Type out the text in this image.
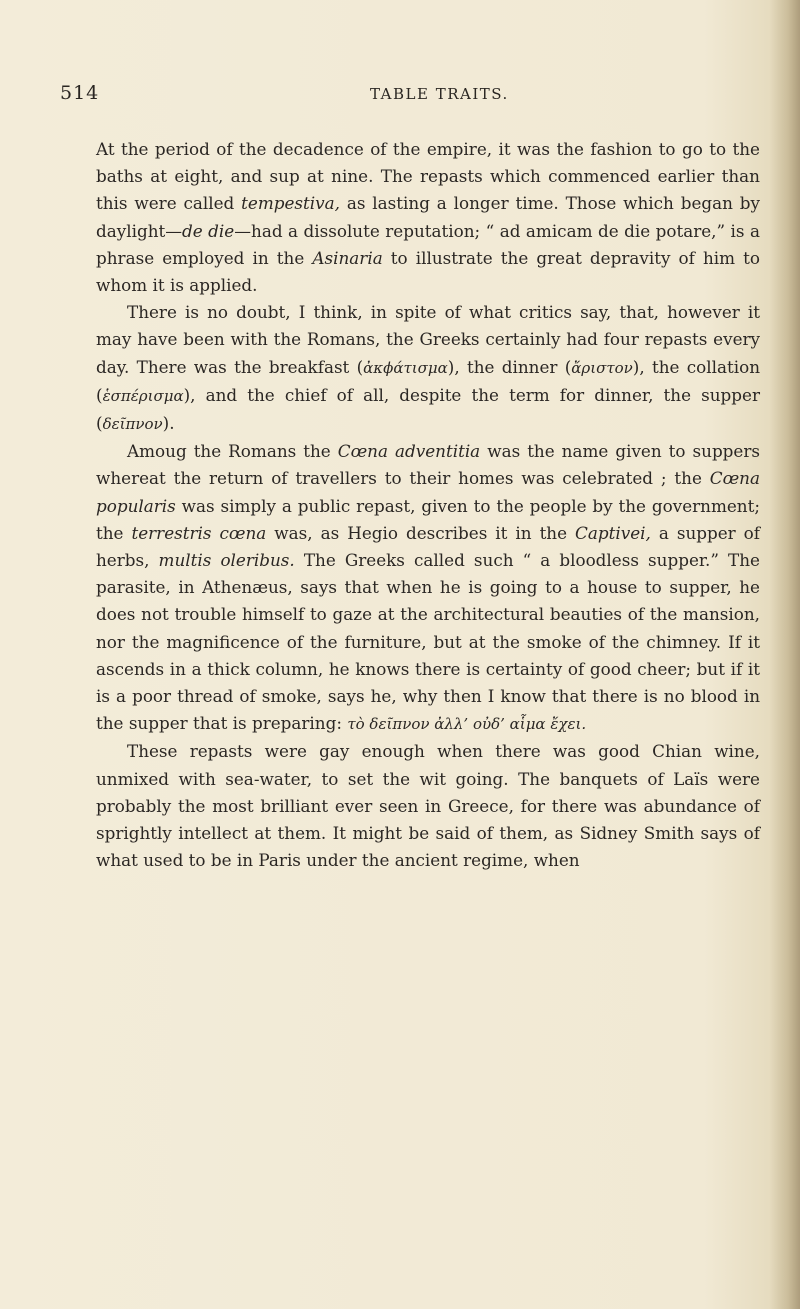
514	TABLE TRAITS.

At the period of the decadence of the empire, it was the fashion to go to the baths at eight, and sup at nine. The repasts which commenced earlier than this were called tempestiva, as lasting a longer time. Those which began by daylight—de die—had a dissolute reputation; “ ad amicam de die potare,” is a phrase employed in the Asinaria to illustrate the great depravity of him to whom it is applied.

There is no doubt, I think, in spite of what critics say, that, however it may have been with the Romans, the Greeks certainly had four repasts every day. There was the breakfast (ἀκϕάτισμα), the dinner (ἄριστον), the collation (ἑσπέρισμα), and the chief of all, despite the term for dinner, the supper (δεῖπνον).

Amoug the Romans the Cœna adventitia was the name given to suppers whereat the return of travellers to their homes was celebrated ; the Cœna popularis was simply a public repast, given to the people by the government; the terrestris cœna was, as Hegio describes it in the Captivei, a supper of herbs, multis oleribus. The Greeks called such “ a bloodless supper.” The parasite, in Athenæus, says that when he is going to a house to supper, he does not trouble himself to gaze at the architectural beauties of the mansion, nor the magnificence of the furniture, but at the smoke of the chimney. If it ascends in a thick column, he knows there is certainty of good cheer; but if it is a poor thread of smoke, says he, why then I know that there is no blood in the supper that is preparing: τὸ δεῖπνον ἀλλ’ οὐδ’ αἷμα ἔχει.

These repasts were gay enough when there was good Chian wine, unmixed with sea-water, to set the wit going. The banquets of Laïs were probably the most brilliant ever seen in Greece, for there was abundance of sprightly intellect at them. It might be said of them, as Sidney Smith says of what used to be in Paris under the ancient regime, when
